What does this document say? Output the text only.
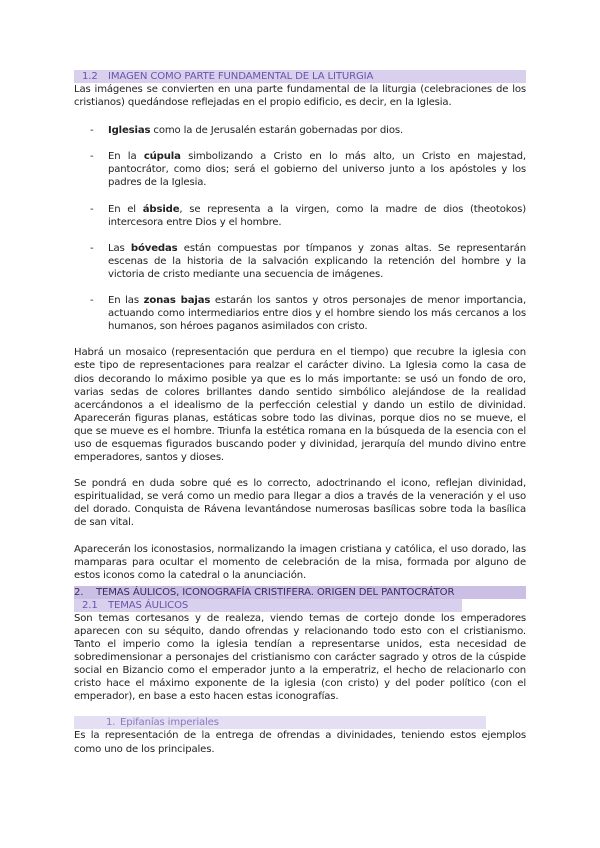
1.2 IMAGEN COMO PARTE FUNDAMENTAL DE LA LITURGIA

Las imágenes se convierten en una parte fundamental de la liturgia (celebraciones de los cristianos) quedándose reflejadas en el propio edificio, es decir, en la Iglesia.

- Iglesias como la de Jerusalén estarán gobernadas por dios.
- En la cúpula simbolizando a Cristo en lo más alto, un Cristo en majestad, pantocrátor, como dios; será el gobierno del universo junto a los apóstoles y los padres de la Iglesia.
- En el ábside, se representa a la virgen, como la madre de dios (theotokos) intercesora entre Dios y el hombre.
- Las bóvedas están compuestas por tímpanos y zonas altas. Se representarán escenas de la historia de la salvación explicando la retención del hombre y la victoria de cristo mediante una secuencia de imágenes.
- En las zonas bajas estarán los santos y otros personajes de menor importancia, actuando como intermediarios entre dios y el hombre siendo los más cercanos a los humanos, son héroes paganos asimilados con cristo.

Habrá un mosaico (representación que perdura en el tiempo) que recubre la iglesia con este tipo de representaciones para realzar el carácter divino. La Iglesia como la casa de dios decorando lo máximo posible ya que es lo más importante: se usó un fondo de oro, varias sedas de colores brillantes dando sentido simbólico alejándose de la realidad acercándonos a el idealismo de la perfección celestial y dando un estilo de divinidad. Aparecerán figuras planas, estáticas sobre todo las divinas, porque dios no se mueve, el que se mueve es el hombre. Triunfa la estética romana en la búsqueda de la esencia con el uso de esquemas figurados buscando poder y divinidad, jerarquía del mundo divino entre emperadores, santos y dioses.

Se pondrá en duda sobre qué es lo correcto, adoctrinando el icono, reflejan divinidad, espiritualidad, se verá como un medio para llegar a dios a través de la veneración y el uso del dorado. Conquista de Rávena levantándose numerosas basílicas sobre toda la basílica de san vital.

Aparecerán los iconostasios, normalizando la imagen cristiana y católica, el uso dorado, las mamparas para ocultar el momento de celebración de la misa, formada por alguno de estos iconos como la catedral o la anunciación.

2. TEMAS ÁULICOS, ICONOGRAFÍA CRISTIFERA. ORIGEN DEL PANTOCRÁTOR
2.1 TEMAS ÁULICOS

Son temas cortesanos y de realeza, viendo temas de cortejo donde los emperadores aparecen con su séquito, dando ofrendas y relacionando todo esto con el cristianismo. Tanto el imperio como la iglesia tendían a representarse unidos, esta necesidad de sobredimensionar a personajes del cristianismo con carácter sagrado y otros de la cúspide social en Bizancio como el emperador junto a la emperatriz, el hecho de relacionarlo con cristo hace el máximo exponente de la iglesia (con cristo) y del poder político (con el emperador), en base a esto hacen estas iconografías.

1. Epifanías imperiales

Es la representación de la entrega de ofrendas a divinidades, teniendo estos ejemplos como uno de los principales.
